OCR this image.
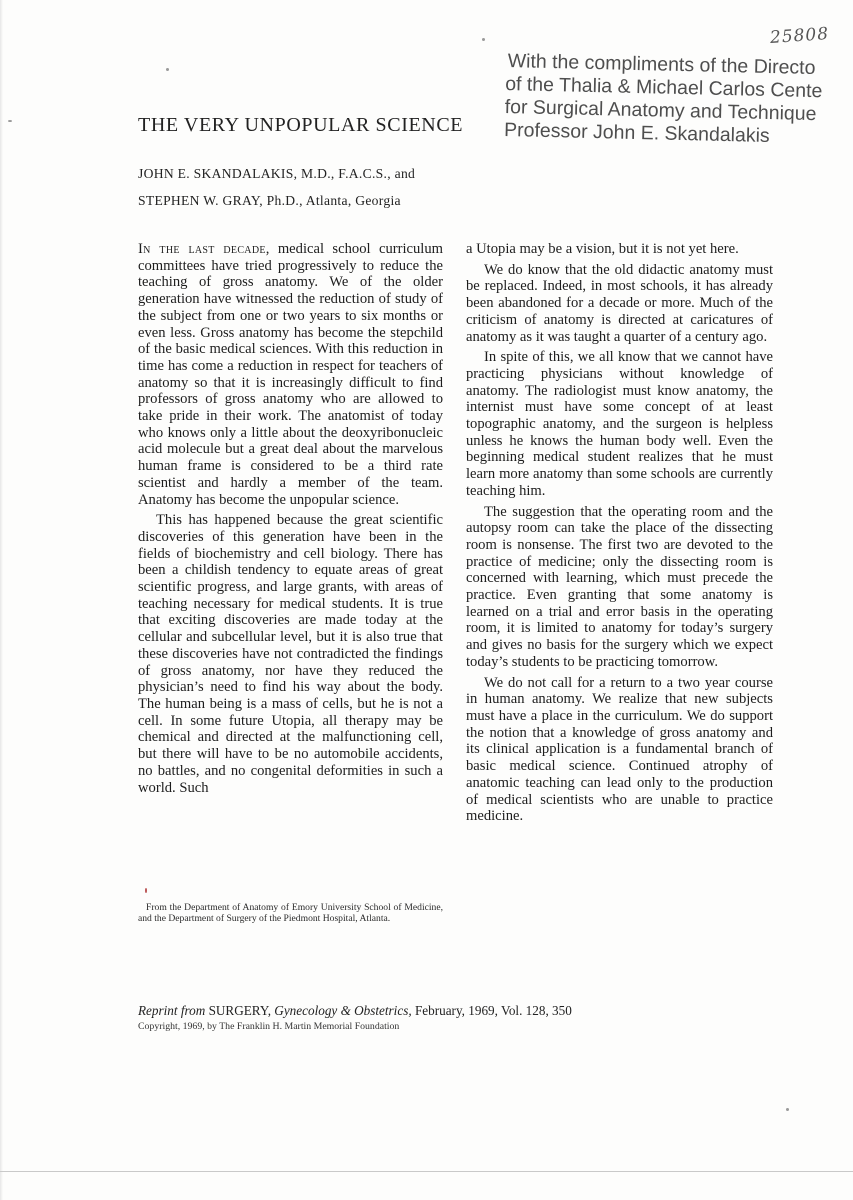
25808
With the compliments of the Directo
of the Thalia & Michael Carlos Cente
for Surgical Anatomy and Technique
Professor John E. Skandalakis
THE VERY UNPOPULAR SCIENCE
JOHN E. SKANDALAKIS, M.D., F.A.C.S., and
STEPHEN W. GRAY, Ph.D., Atlanta, Georgia

In the last decade, medical school curriculum committees have tried progressively to reduce the teaching of gross anatomy. We of the older generation have witnessed the reduction of study of the subject from one or two years to six months or even less. Gross anatomy has become the stepchild of the basic medical sciences. With this reduction in time has come a reduction in respect for teachers of anatomy so that it is increasingly difficult to find professors of gross anatomy who are allowed to take pride in their work. The anatomist of today who knows only a little about the deoxyribonucleic acid molecule but a great deal about the marvelous human frame is considered to be a third rate scientist and hardly a member of the team. Anatomy has become the unpopular science.

This has happened because the great scientific discoveries of this generation have been in the fields of biochemistry and cell biology. There has been a childish tendency to equate areas of great scientific progress, and large grants, with areas of teaching necessary for medical students. It is true that exciting discoveries are made today at the cellular and subcellular level, but it is also true that these discoveries have not contradicted the findings of gross anatomy, nor have they reduced the physician’s need to find his way about the body. The human being is a mass of cells, but he is not a cell. In some future Utopia, all therapy may be chemical and directed at the malfunctioning cell, but there will have to be no automobile accidents, no battles, and no congenital deformities in such a world. Such

a Utopia may be a vision, but it is not yet here.

We do know that the old didactic anatomy must be replaced. Indeed, in most schools, it has already been abandoned for a decade or more. Much of the criticism of anatomy is directed at caricatures of anatomy as it was taught a quarter of a century ago.

In spite of this, we all know that we cannot have practicing physicians without knowledge of anatomy. The radiologist must know anatomy, the internist must have some concept of at least topographic anatomy, and the surgeon is helpless unless he knows the human body well. Even the beginning medical student realizes that he must learn more anatomy than some schools are currently teaching him.

The suggestion that the operating room and the autopsy room can take the place of the dissecting room is nonsense. The first two are devoted to the practice of medicine; only the dissecting room is concerned with learning, which must precede the practice. Even granting that some anatomy is learned on a trial and error basis in the operating room, it is limited to anatomy for today’s surgery and gives no basis for the surgery which we expect today’s students to be practicing tomorrow.

We do not call for a return to a two year course in human anatomy. We realize that new subjects must have a place in the curriculum. We do support the notion that a knowledge of gross anatomy and its clinical application is a fundamental branch of basic medical science. Continued atrophy of anatomic teaching can lead only to the production of medical scientists who are unable to practice medicine.

From the Department of Anatomy of Emory University School of Medicine, and the Department of Surgery of the Piedmont Hospital, Atlanta.
Reprint from SURGERY, Gynecology & Obstetrics, February, 1969, Vol. 128, 350
Copyright, 1969, by The Franklin H. Martin Memorial Foundation
